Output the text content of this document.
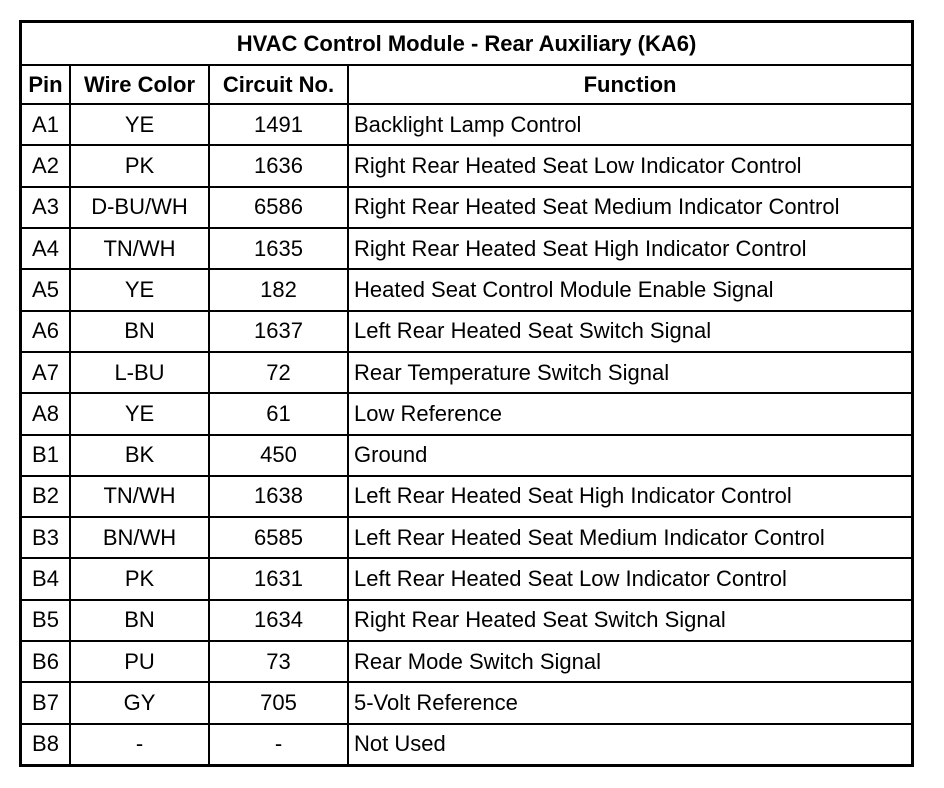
HVAC Control Module - Rear Auxiliary (KA6)			
Pin	Wire Color	Circuit No.	Function
A1	YE	1491	Backlight Lamp Control
A2	PK	1636	Right Rear Heated Seat Low Indicator Control
A3	D-BU/WH	6586	Right Rear Heated Seat Medium Indicator Control
A4	TN/WH	1635	Right Rear Heated Seat High Indicator Control
A5	YE	182	Heated Seat Control Module Enable Signal
A6	BN	1637	Left Rear Heated Seat Switch Signal
A7	L-BU	72	Rear Temperature Switch Signal
A8	YE	61	Low Reference
B1	BK	450	Ground
B2	TN/WH	1638	Left Rear Heated Seat High Indicator Control
B3	BN/WH	6585	Left Rear Heated Seat Medium Indicator Control
B4	PK	1631	Left Rear Heated Seat Low Indicator Control
B5	BN	1634	Right Rear Heated Seat Switch Signal
B6	PU	73	Rear Mode Switch Signal
B7	GY	705	5-Volt Reference
B8	-	-	Not Used
